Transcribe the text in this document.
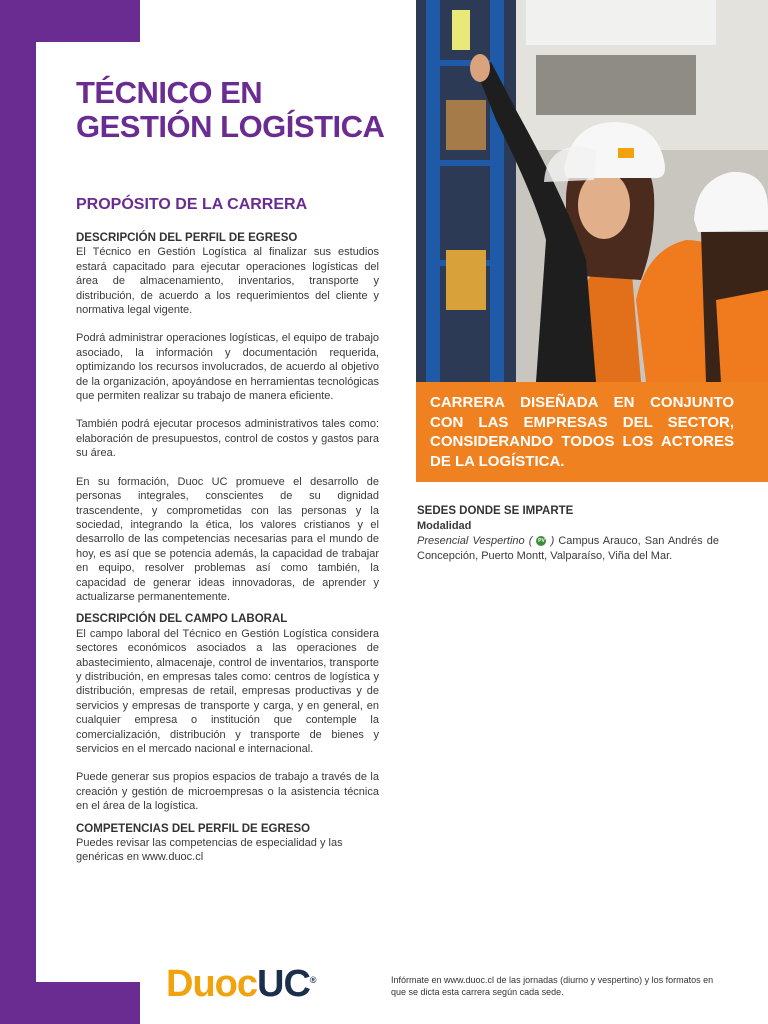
TÉCNICO EN GESTIÓN LOGÍSTICA
PROPÓSITO DE LA CARRERA
DESCRIPCIÓN DEL PERFIL DE EGRESO

El Técnico en Gestión Logística al finalizar sus estudios estará capacitado para ejecutar operaciones logísticas del área de almacenamiento, inventarios, transporte y distribución, de acuerdo a los requerimientos del cliente y normativa legal vigente.

Podrá administrar operaciones logísticas, el equipo de trabajo asociado, la información y documentación requerida, optimizando los recursos involucrados, de acuerdo al objetivo de la organización, apoyándose en herramientas tecnológicas que permiten realizar su trabajo de manera eficiente.

También podrá ejecutar procesos administrativos tales como: elaboración de presupuestos, control de costos y gastos para su área.

En su formación, Duoc UC promueve el desarrollo de personas integrales, conscientes de su dignidad trascendente, y comprometidas con las personas y la sociedad, integrando la ética, los valores cristianos y el desarrollo de las competencias necesarias para el mundo de hoy, es así que se potencia además, la capacidad de trabajar en equipo, resolver problemas así como también, la capacidad de generar ideas innovadoras, de aprender y actualizarse permanentemente.

DESCRIPCIÓN DEL CAMPO LABORAL

El campo laboral del Técnico en Gestión Logística considera sectores económicos asociados a las operaciones de abastecimiento, almacenaje, control de inventarios, transporte y distribución, en empresas tales como: centros de logística y distribución, empresas de retail, empresas productivas y de servicios y empresas de transporte y carga, y en general, en cualquier empresa o institución que contemple la comercialización, distribución y transporte de bienes y servicios en el mercado nacional e internacional.

Puede generar sus propios espacios de trabajo a través de la creación y gestión de microempresas o la asistencia técnica en el área de la logística.

COMPETENCIAS DEL PERFIL DE EGRESO

Puedes revisar las competencias de especialidad y las genéricas en www.duoc.cl

CARRERA DISEÑADA EN CONJUNTO CON LAS EMPRESAS DEL SECTOR, CONSIDERANDO TODOS LOS ACTORES DE LA LOGÍSTICA.

SEDES DONDE SE IMPARTE
Modalidad

Presencial Vespertino ( PV ) Campus Arauco, San Andrés de Concepción, Puerto Montt, Valparaíso, Viña del Mar.

DuocUC®	Infórmate en www.duoc.cl de las jornadas (diurno y vespertino) y los formatos en que se dicta esta carrera según cada sede.
